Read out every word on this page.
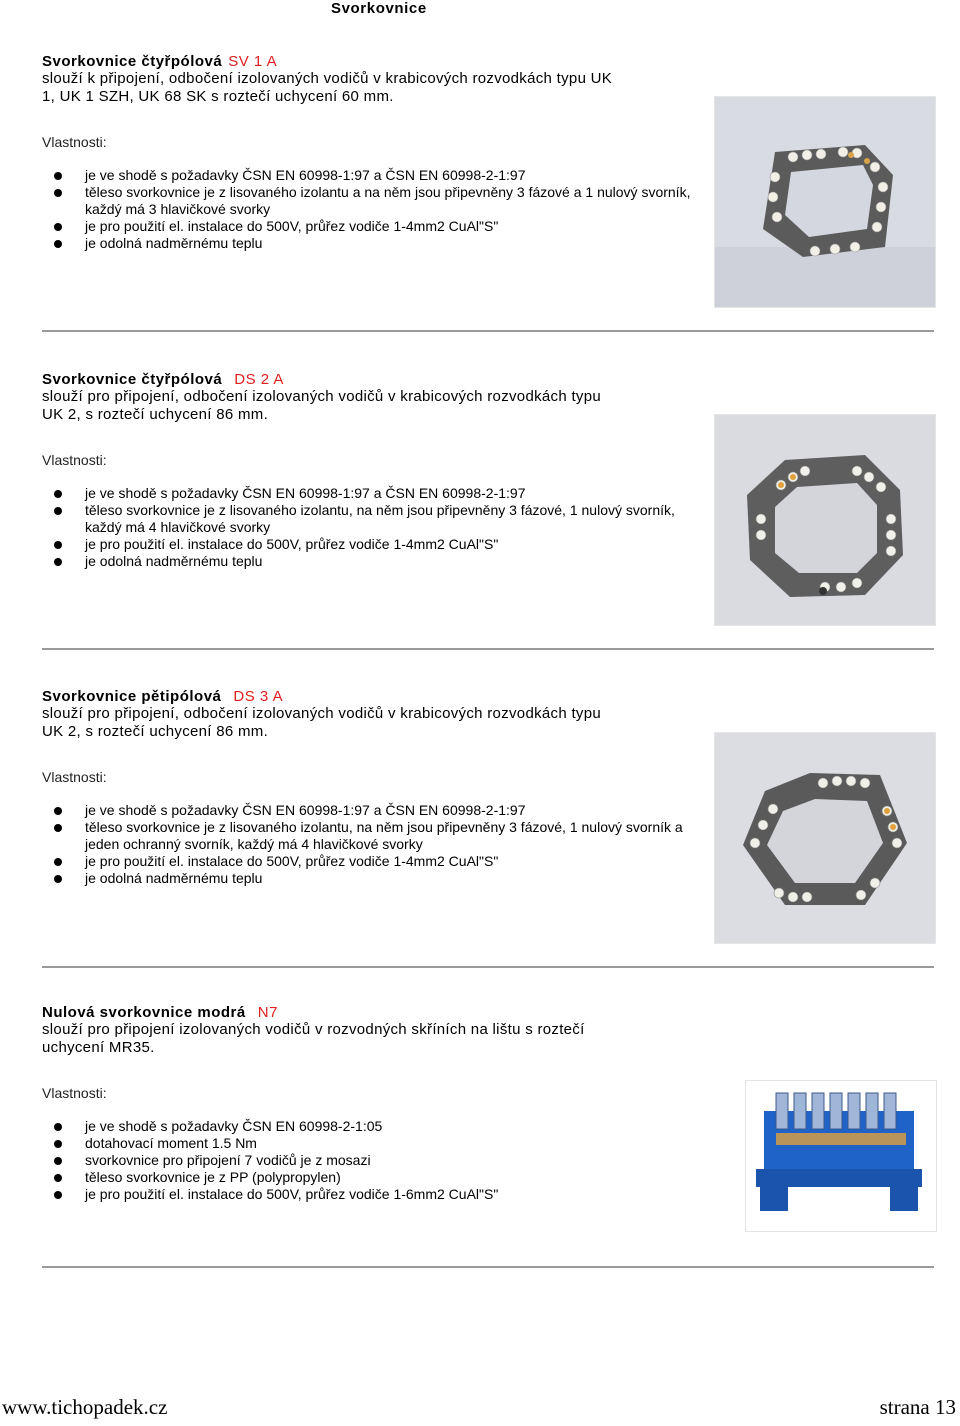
Svorkovnice
Svorkovnice čtyřpólová SV 1 A
slouží k připojení, odbočení izolovaných vodičů v krabicových rozvodkách typu UK
1, UK 1 SZH, UK 68 SK s roztečí uchycení 60 mm.
Vlastnosti:
je ve shodě s požadavky ČSN EN 60998-1:97 a ČSN EN 60998-2-1:97
těleso svorkovnice je z lisovaného izolantu a na něm jsou připevněny 3 fázové a 1 nulový svorník, každý má 3 hlavičkové svorky
je pro použití el. instalace do 500V, průřez vodiče 1-4mm2 CuAl"S"
je odolná nadměrnému teplu
Svorkovnice čtyřpólová DS 2 A
slouží pro připojení, odbočení izolovaných vodičů v krabicových rozvodkách typu
UK 2, s roztečí uchycení 86 mm.
Vlastnosti:
je ve shodě s požadavky ČSN EN 60998-1:97 a ČSN EN 60998-2-1:97
těleso svorkovnice je z lisovaného izolantu, na něm jsou připevněny 3 fázové, 1 nulový svorník, každý má 4 hlavičkové svorky
je pro použití el. instalace do 500V, průřez vodiče 1-4mm2 CuAl"S"
je odolná nadměrnému teplu
Svorkovnice pětipólová DS 3 A
slouží pro připojení, odbočení izolovaných vodičů v krabicových rozvodkách typu
UK 2, s roztečí uchycení 86 mm.
Vlastnosti:
je ve shodě s požadavky ČSN EN 60998-1:97 a ČSN EN 60998-2-1:97
těleso svorkovnice je z lisovaného izolantu, na něm jsou připevněny 3 fázové, 1 nulový svorník a jeden ochranný svorník, každý má 4 hlavičkové svorky
je pro použití el. instalace do 500V, průřez vodiče 1-4mm2 CuAl"S"
je odolná nadměrnému teplu
Nulová svorkovnice modrá N7
slouží pro připojení izolovaných vodičů v rozvodných skříních na lištu s roztečí
uchycení MR35.
Vlastnosti:
je ve shodě s požadavky ČSN EN 60998-2-1:05
dotahovací moment 1.5 Nm
svorkovnice pro připojení 7 vodičů je z mosazi
těleso svorkovnice je z PP (polypropylen)
je pro použití el. instalace do 500V, průřez vodiče 1-6mm2 CuAl"S"
www.tichopadek.cz	strana 13
